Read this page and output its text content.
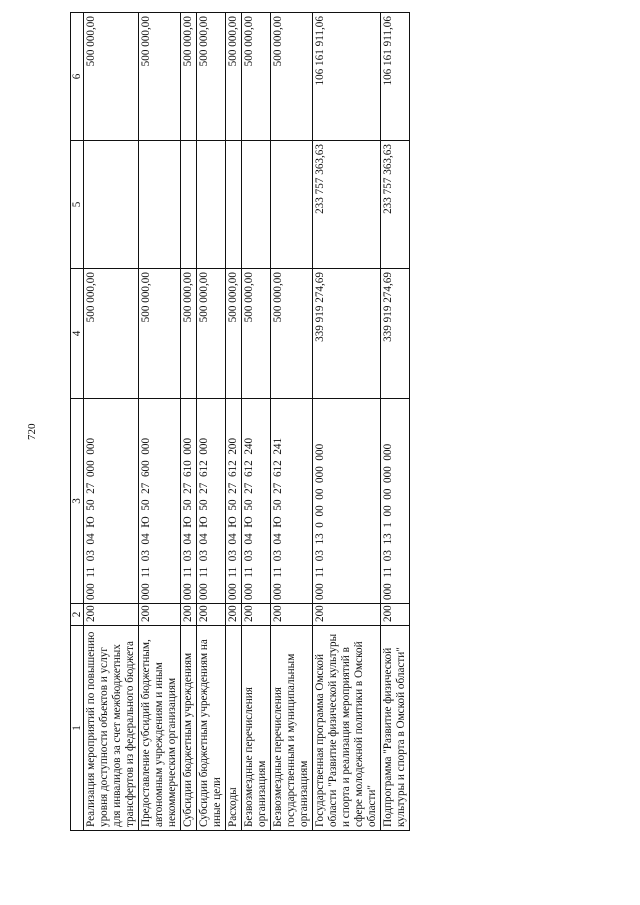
720
1	2	3	4	5	6
Реализация мероприятий по повышению уровня доступности объектов и услуг для инвалидов за счет межбюджетных трансфертов из федерального бюджета	200	000  11  03  04  Ю  50  27  000  000	500 000,00		500 000,00
Предоставление субсидий бюджетным, автономным учреждениям и иным некоммерческим организациям	200	000  11  03  04  Ю  50  27  600  000	500 000,00		500 000,00
Субсидии бюджетным учреждениям	200	000  11  03  04  Ю  50  27  610  000	500 000,00		500 000,00
Субсидии бюджетным учреждениям на иные цели	200	000  11  03  04  Ю  50  27  612  000	500 000,00		500 000,00
Расходы	200	000  11  03  04  Ю  50  27  612  200	500 000,00		500 000,00
Безвозмездные перечисления организациям	200	000  11  03  04  Ю  50  27  612  240	500 000,00		500 000,00
Безвозмездные перечисления государственным и муниципальным организациям	200	000  11  03  04  Ю  50  27  612  241	500 000,00		500 000,00
Государственная программа Омской области "Развитие физической культуры и спорта и реализация мероприятий в сфере молодежной политики в Омской области"	200	000  11  03  13  0  00  00  000  000	339 919 274,69	233 757 363,63	106 161 911,06
Подпрограмма "Развитие физической культуры и спорта в Омской области"	200	000  11  03  13  1  00  00  000  000	339 919 274,69	233 757 363,63	106 161 911,06
